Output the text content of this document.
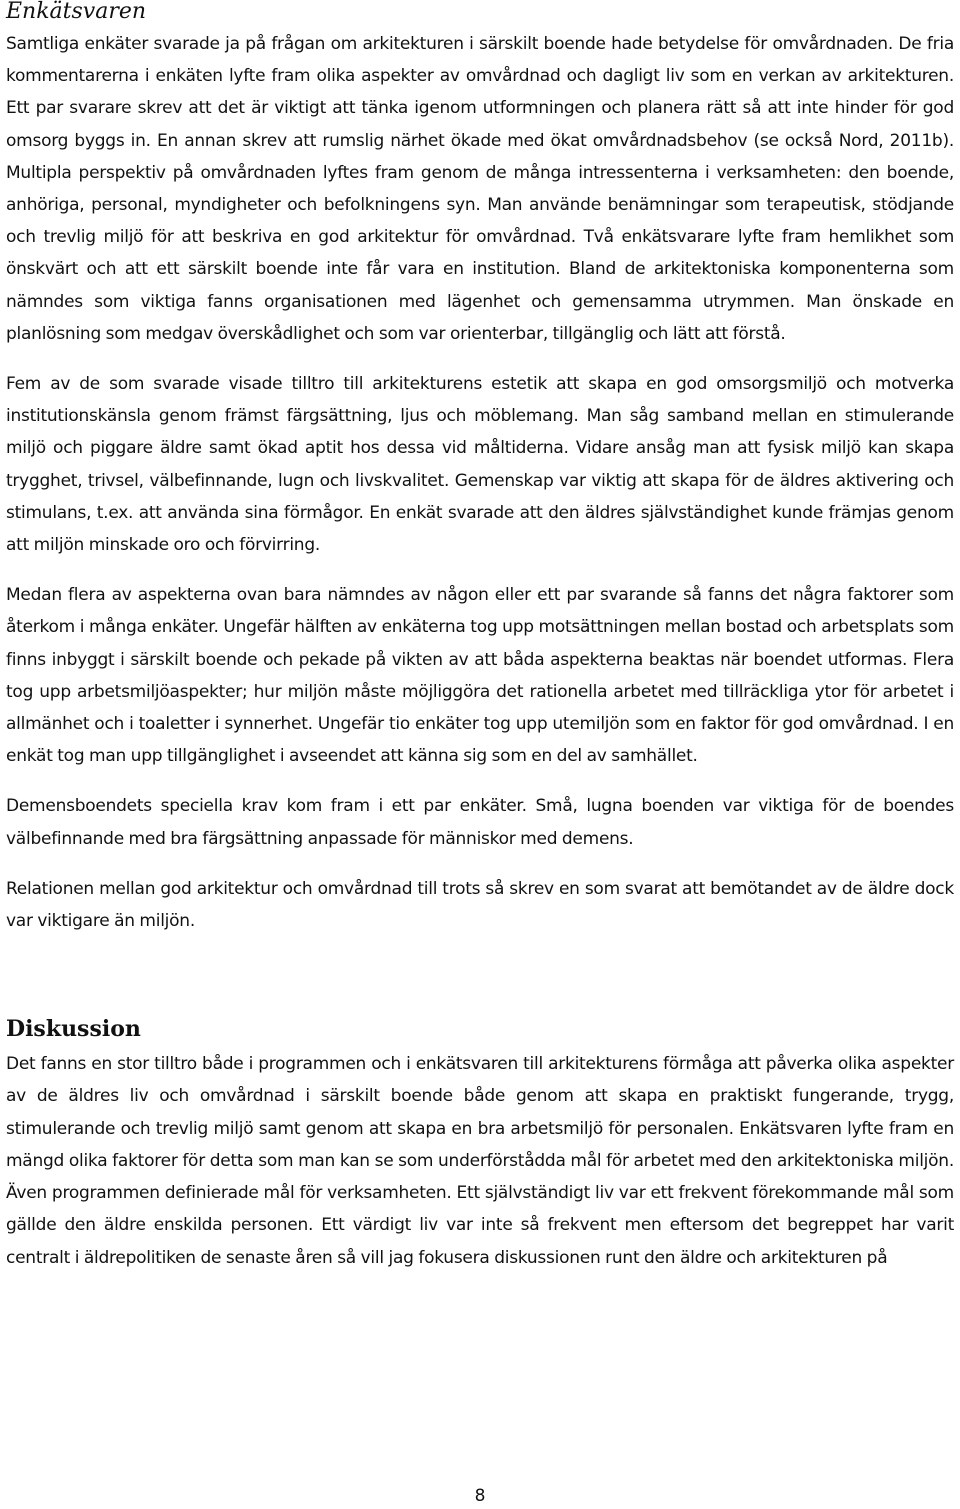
Enkätsvaren

Samtliga enkäter svarade ja på frågan om arkitekturen i särskilt boende hade betydelse för omvårdnaden. De fria kommentarerna i enkäten lyfte fram olika aspekter av omvårdnad och dagligt liv som en verkan av arkitekturen. Ett par svarare skrev att det är viktigt att tänka igenom utformningen och planera rätt så att inte hinder för god omsorg byggs in. En annan skrev att rumslig närhet ökade med ökat omvårdnadsbehov (se också Nord, 2011b). Multipla perspektiv på omvårdnaden lyftes fram genom de många intressenterna i verksamheten: den boende, anhöriga, personal, myndigheter och befolkningens syn. Man använde benämningar som terapeutisk, stödjande och trevlig miljö för att beskriva en god arkitektur för omvårdnad. Två enkätsvarare lyfte fram hemlikhet som önskvärt och att ett särskilt boende inte får vara en institution. Bland de arkitektoniska komponenterna som nämndes som viktiga fanns organisationen med lägenhet och gemensamma utrymmen. Man önskade en planlösning som medgav överskådlighet och som var orienterbar, tillgänglig och lätt att förstå.

Fem av de som svarade visade tilltro till arkitekturens estetik att skapa en god omsorgsmiljö och motverka institutionskänsla genom främst färgsättning, ljus och möblemang. Man såg samband mellan en stimulerande miljö och piggare äldre samt ökad aptit hos dessa vid måltiderna. Vidare ansåg man att fysisk miljö kan skapa trygghet, trivsel, välbefinnande, lugn och livskvalitet. Gemenskap var viktig att skapa för de äldres aktivering och stimulans, t.ex. att använda sina förmågor. En enkät svarade att den äldres självständighet kunde främjas genom att miljön minskade oro och förvirring.

Medan flera av aspekterna ovan bara nämndes av någon eller ett par svarande så fanns det några faktorer som återkom i många enkäter. Ungefär hälften av enkäterna tog upp motsättningen mellan bostad och arbetsplats som finns inbyggt i särskilt boende och pekade på vikten av att båda aspekterna beaktas när boendet utformas. Flera tog upp arbetsmiljöaspekter; hur miljön måste möjliggöra det rationella arbetet med tillräckliga ytor för arbetet i allmänhet och i toaletter i synnerhet. Ungefär tio enkäter tog upp utemiljön som en faktor för god omvårdnad. I en enkät tog man upp tillgänglighet i avseendet att känna sig som en del av samhället.

Demensboendets speciella krav kom fram i ett par enkäter. Små, lugna boenden var viktiga för de boendes välbefinnande med bra färgsättning anpassade för människor med demens.

Relationen mellan god arkitektur och omvårdnad till trots så skrev en som svarat att bemötandet av de äldre dock var viktigare än miljön.

Diskussion

Det fanns en stor tilltro både i programmen och i enkätsvaren till arkitekturens förmåga att påverka olika aspekter av de äldres liv och omvårdnad i särskilt boende både genom att skapa en praktiskt fungerande, trygg, stimulerande och trevlig miljö samt genom att skapa en bra arbetsmiljö för personalen. Enkätsvaren lyfte fram en mängd olika faktorer för detta som man kan se som underförstådda mål för arbetet med den arkitektoniska miljön. Även programmen definierade mål för verksamheten. Ett självständigt liv var ett frekvent förekommande mål som gällde den äldre enskilda personen. Ett värdigt liv var inte så frekvent men eftersom det begreppet har varit centralt i äldrepolitiken de senaste åren så vill jag fokusera diskussionen runt den äldre och arkitekturen på

8
